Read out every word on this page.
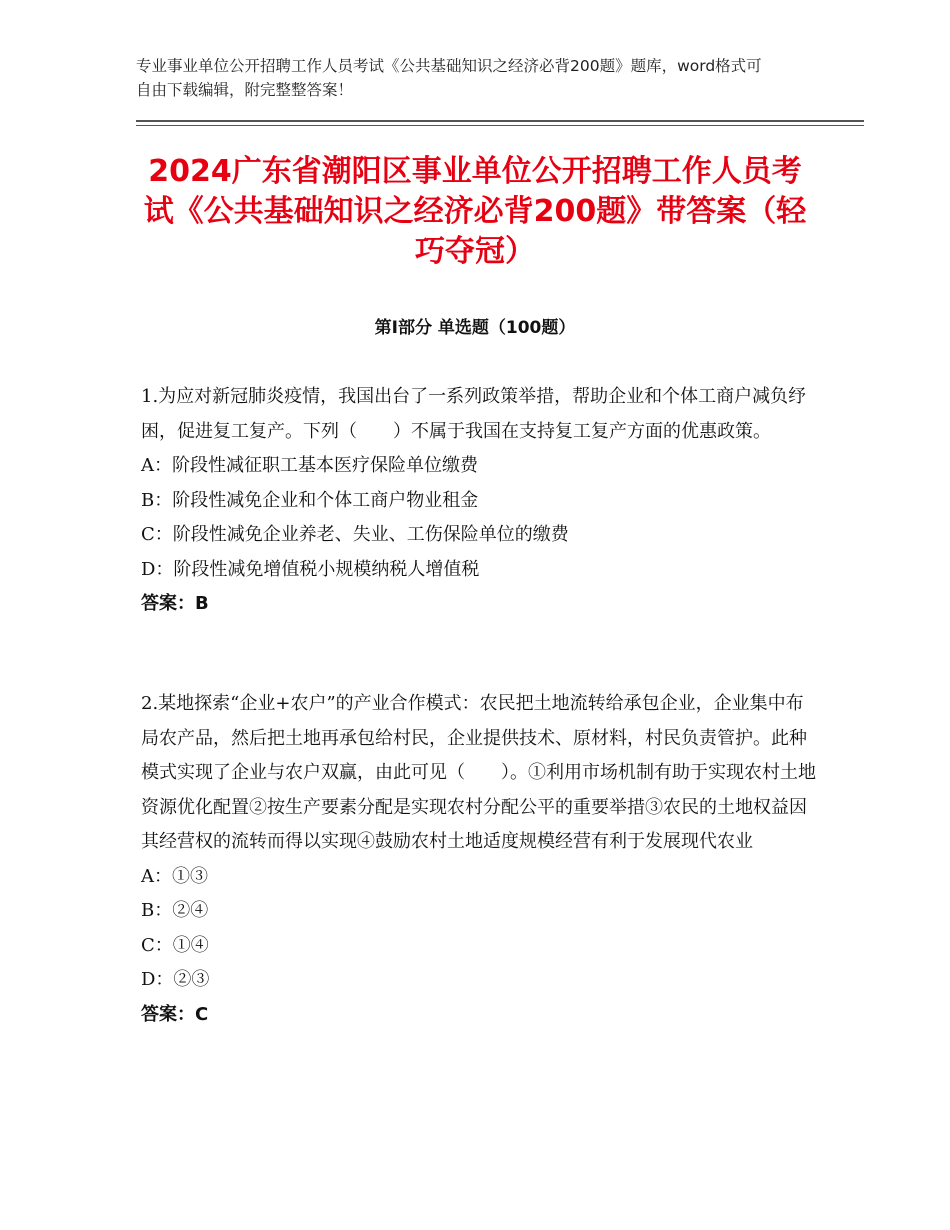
专业事业单位公开招聘工作人员考试《公共基础知识之经济必背200题》题库，word格式可自由下载编辑，附完整整答案！
2024广东省潮阳区事业单位公开招聘工作人员考试《公共基础知识之经济必背200题》带答案（轻巧夺冠）
第Ⅰ部分 单选题（100题）

1.为应对新冠肺炎疫情，我国出台了一系列政策举措，帮助企业和个体工商户减负纾困，促进复工复产。下列（　　）不属于我国在支持复工复产方面的优惠政策。

A：阶段性减征职工基本医疗保险单位缴费

B：阶段性减免企业和个体工商户物业租金

C：阶段性减免企业养老、失业、工伤保险单位的缴费

D：阶段性减免增值税小规模纳税人增值税

答案：B

2.某地探索“企业+农户”的产业合作模式：农民把土地流转给承包企业，企业集中布局农产品，然后把土地再承包给村民，企业提供技术、原材料，村民负责管护。此种模式实现了企业与农户双赢，由此可见（　　）。①利用市场机制有助于实现农村土地资源优化配置②按生产要素分配是实现农村分配公平的重要举措③农民的土地权益因其经营权的流转而得以实现④鼓励农村土地适度规模经营有利于发展现代农业

A：①③

B：②④

C：①④

D：②③

答案：C
